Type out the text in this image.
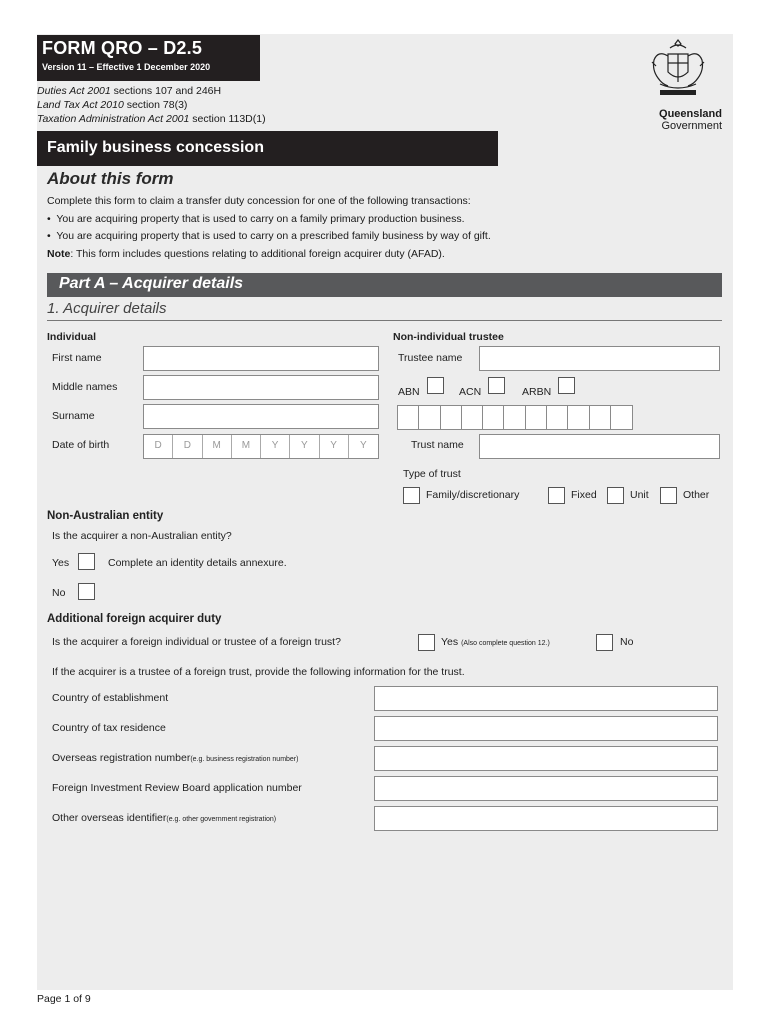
FORM QRO – D2.5
Version 11 – Effective 1 December 2020
Duties Act 2001 sections 107 and 246H
Land Tax Act 2010 section 78(3)
Taxation Administration Act 2001 section 113D(1)	Queensland
Government
Family business concession
About this form
Complete this form to claim a transfer duty concession for one of the following transactions:
•  You are acquiring property that is used to carry on a family primary production business.
•  You are acquiring property that is used to carry on a prescribed family business by way of gift.
Note: This form includes questions relating to additional foreign acquirer duty (AFAD).
Part A – Acquirer details
1. Acquirer details
Individual
First name
Middle names
Surname
Date of birth	D	D	M	M	Y	Y	Y	Y
Non-individual trustee
Trustee name
ABN	ACN	ARBN
Trust name
Type of trust
Family/discretionary	Fixed	Unit	Other
Non-Australian entity
Is the acquirer a non-Australian entity?
Yes	Complete an identity details annexure.
No
Additional foreign acquirer duty
Is the acquirer a foreign individual or trustee of a foreign trust?	Yes (Also complete question 12.)	No
If the acquirer is a trustee of a foreign trust, provide the following information for the trust.
Country of establishment
Country of tax residence
Overseas registration number(e.g. business registration number)
Foreign Investment Review Board application number
Other overseas identifier(e.g. other government registration)
Page 1 of 9
